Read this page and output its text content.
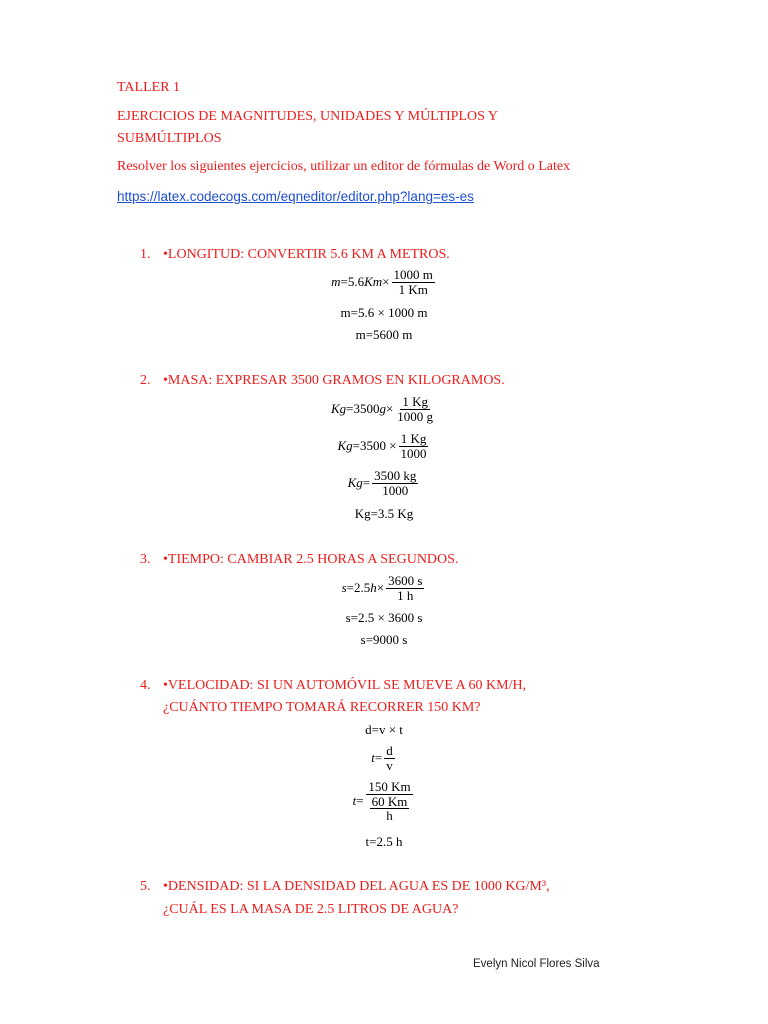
TALLER 1
EJERCICIOS DE MAGNITUDES, UNIDADES Y MÚLTIPLOS Y
SUBMÚLTIPLOS
Resolver los siguientes ejercicios, utilizar un editor de fórmulas de Word o Latex
https://latex.codecogs.com/eqneditor/editor.php?lang=es-es
1. •LONGITUD: CONVERTIR 5.6 KM A METROS.
m =5.6 $Km \times \frac{1000 m}{1 Km}$
m=5.6 × 1000 m
m=5600 m
2. •MASA: EXPRESAR 3500 GRAMOS EN KILOGRAMOS.
Kg =3500 $g \times \frac{1 Kg}{1000 g}$
$Kg =3500 \times \frac{1 Kg}{1000}$
$Kg = \frac{3500 kg}{1000}$
Kg=3.5 Kg
3. •TIEMPO: CAMBIAR 2.5 HORAS A SEGUNDOS.
s =2.5 $h \times \frac{3600 s}{1 h}$
s=2.5 × 3600 s
s=9000 s
4. •VELOCIDAD: SI UN AUTOMÓVIL SE MUEVE A 60 KM/H,
¿CUÁNTO TIEMPO TOMARÁ RECORRER 150 KM?
d=v × t
$t = \frac{d}{v}$
$t = \frac{150 Km}{\frac{60 Km}{h}}$
t=2.5 h
5. •DENSIDAD: SI LA DENSIDAD DEL AGUA ES DE 1000 KG/M³,
¿CUÁL ES LA MASA DE 2.5 LITROS DE AGUA?
Evelyn Nicol Flores Silva
